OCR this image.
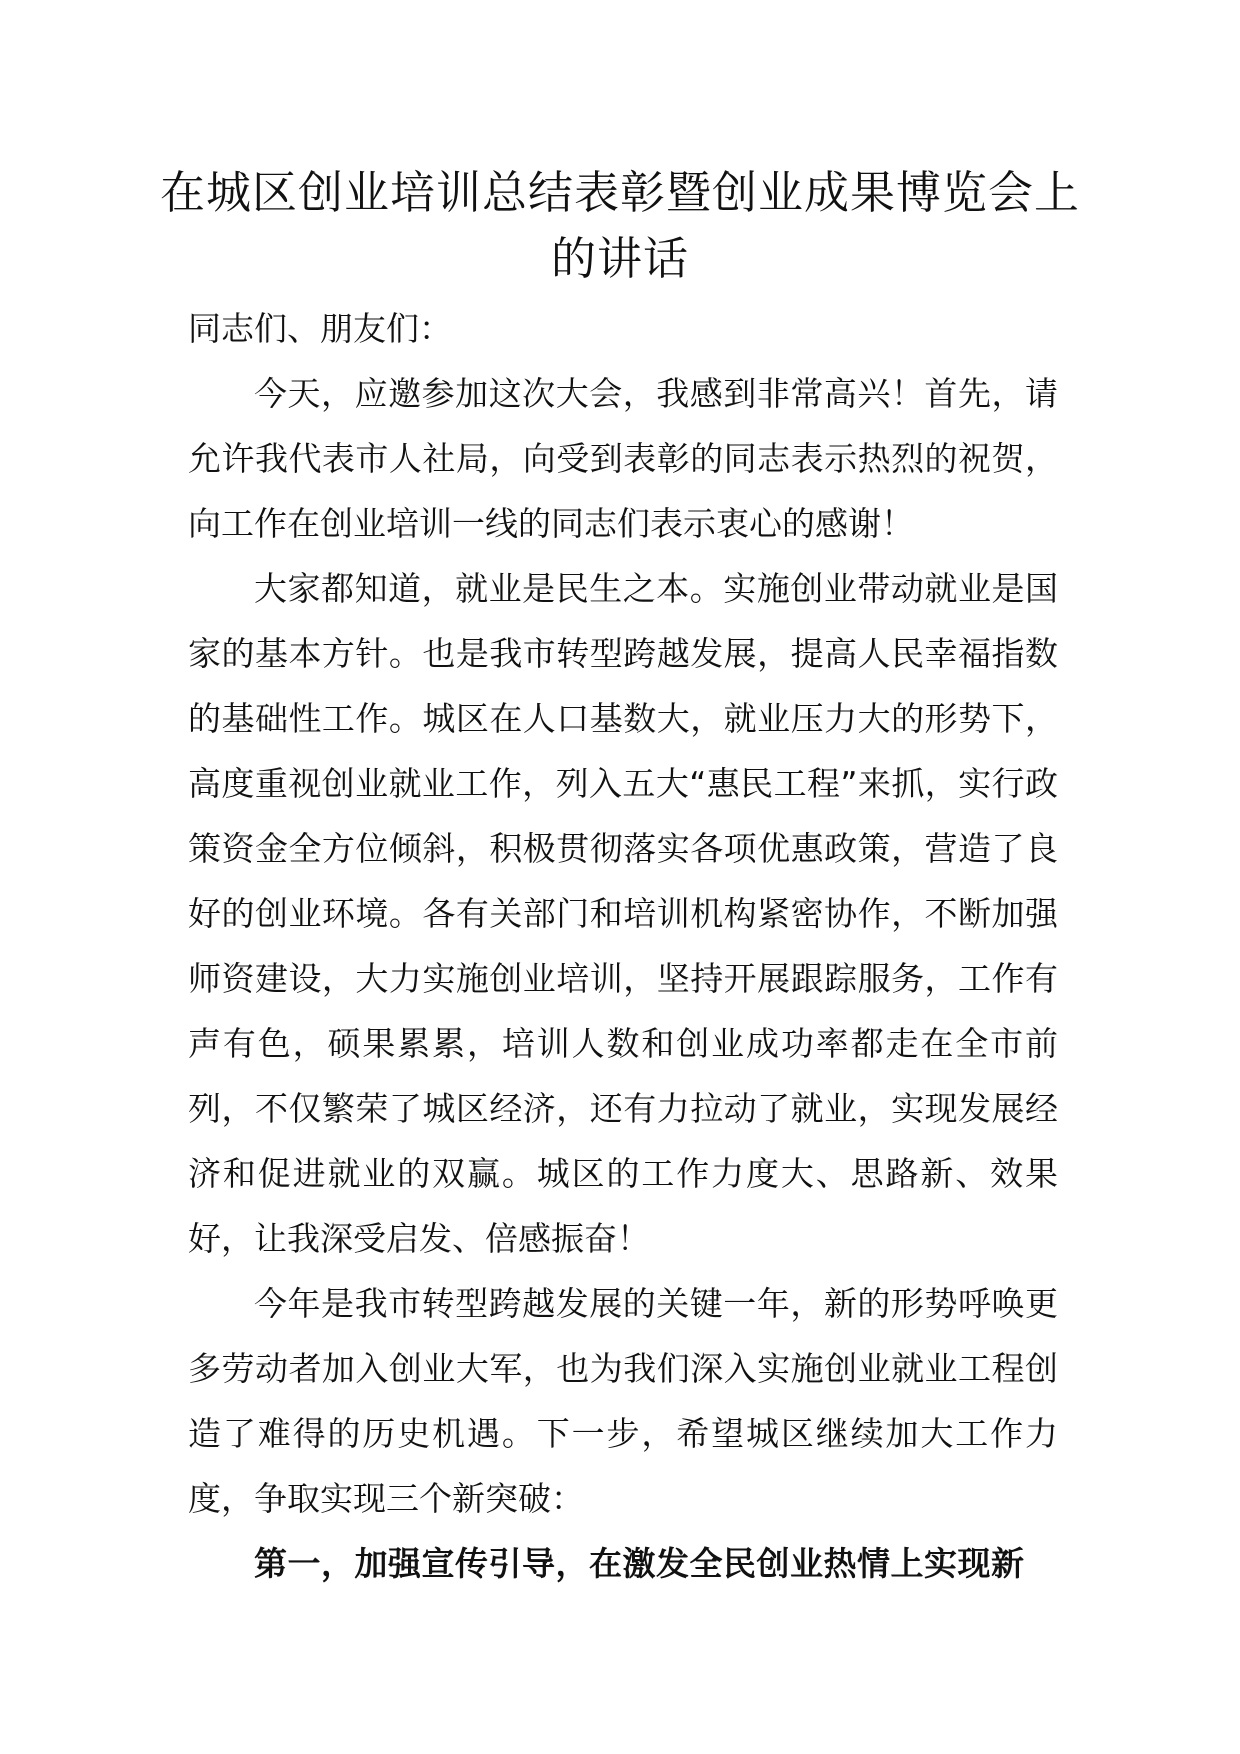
在城区创业培训总结表彰暨创业成果博览会上的讲话

同志们、朋友们：

今天，应邀参加这次大会，我感到非常高兴！首先，请允许我代表市人社局，向受到表彰的同志表示热烈的祝贺，向工作在创业培训一线的同志们表示衷心的感谢！

大家都知道，就业是民生之本。实施创业带动就业是国家的基本方针。也是我市转型跨越发展，提高人民幸福指数的基础性工作。城区在人口基数大，就业压力大的形势下，高度重视创业就业工作，列入五大“惠民工程”来抓，实行政策资金全方位倾斜，积极贯彻落实各项优惠政策，营造了良好的创业环境。各有关部门和培训机构紧密协作，不断加强师资建设，大力实施创业培训，坚持开展跟踪服务，工作有声有色，硕果累累，培训人数和创业成功率都走在全市前列，不仅繁荣了城区经济，还有力拉动了就业，实现发展经济和促进就业的双赢。城区的工作力度大、思路新、效果好，让我深受启发、倍感振奋！

今年是我市转型跨越发展的关键一年，新的形势呼唤更多劳动者加入创业大军，也为我们深入实施创业就业工程创造了难得的历史机遇。下一步，希望城区继续加大工作力度，争取实现三个新突破：

第一，加强宣传引导，在激发全民创业热情上实现新
